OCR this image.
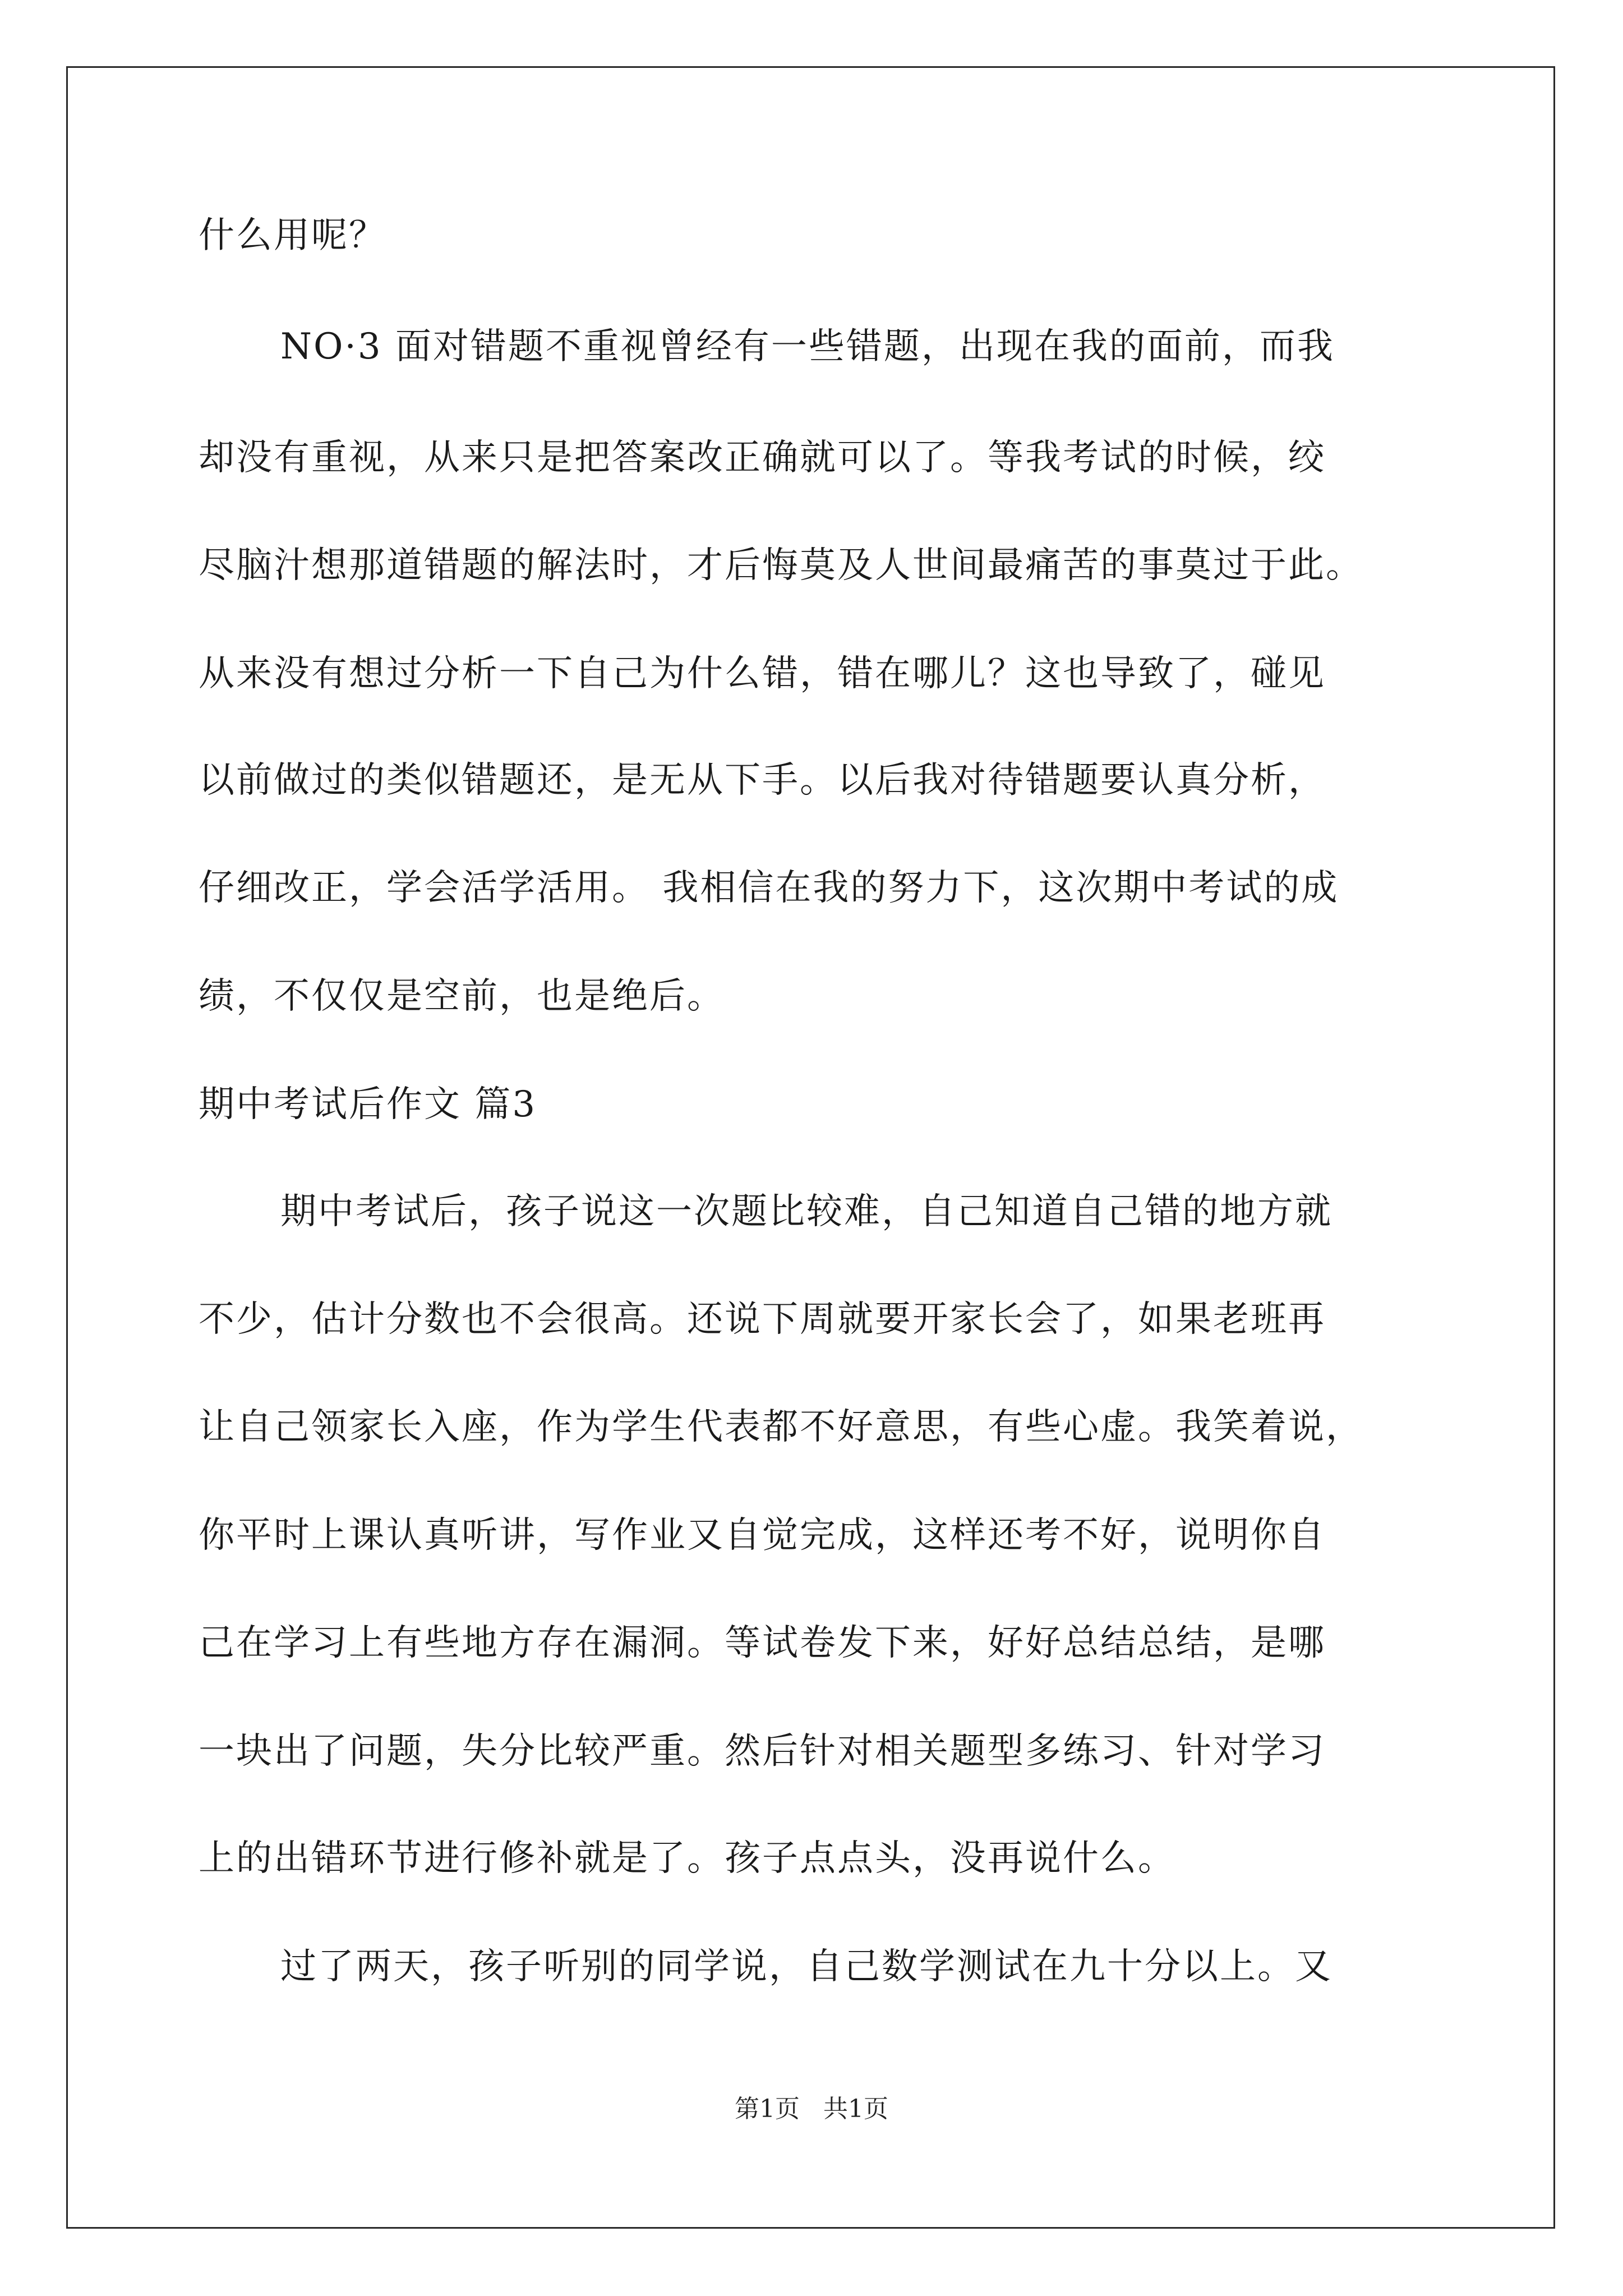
什么用呢？
NO·3 面对错题不重视曾经有一些错题，出现在我的面前，而我
却没有重视，从来只是把答案改正确就可以了。等我考试的时候，绞
尽脑汁想那道错题的解法时，才后悔莫及人世间最痛苦的事莫过于此。
从来没有想过分析一下自己为什么错，错在哪儿？这也导致了，碰见
以前做过的类似错题还，是无从下手。以后我对待错题要认真分析，
仔细改正，学会活学活用。 我相信在我的努力下，这次期中考试的成
绩，不仅仅是空前，也是绝后。
期中考试后作文 篇3
期中考试后，孩子说这一次题比较难，自己知道自己错的地方就
不少，估计分数也不会很高。还说下周就要开家长会了，如果老班再
让自己领家长入座，作为学生代表都不好意思，有些心虚。我笑着说，
你平时上课认真听讲，写作业又自觉完成，这样还考不好，说明你自
己在学习上有些地方存在漏洞。等试卷发下来，好好总结总结，是哪
一块出了问题，失分比较严重。然后针对相关题型多练习、针对学习
上的出错环节进行修补就是了。孩子点点头，没再说什么。
过了两天，孩子听别的同学说，自己数学测试在九十分以上。又
第1页   共1页
